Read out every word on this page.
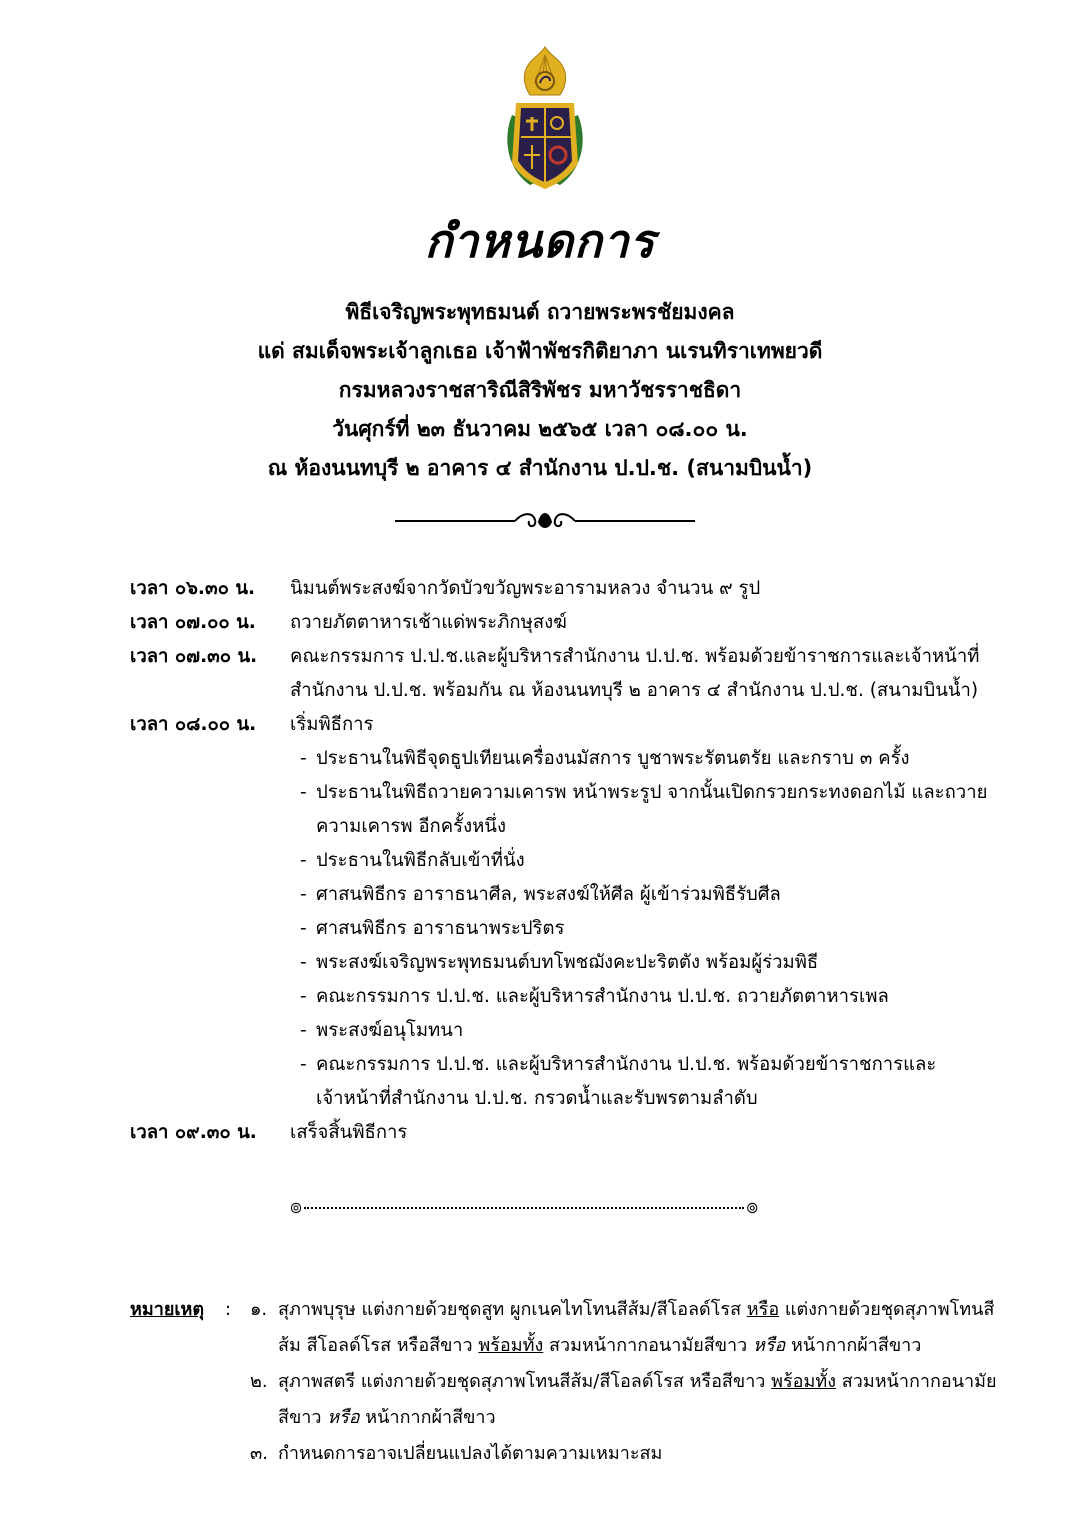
กำหนดการ
พิธีเจริญพระพุทธมนต์ ถวายพระพรชัยมงคล
แด่ สมเด็จพระเจ้าลูกเธอ เจ้าฟ้าพัชรกิติยาภา นเรนทิราเทพยวดี
กรมหลวงราชสาริณีสิริพัชร มหาวัชรราชธิดา
วันศุกร์ที่ ๒๓ ธันวาคม ๒๕๖๕ เวลา ๐๘.๐๐ น.
ณ ห้องนนทบุรี ๒ อาคาร ๔ สำนักงาน ป.ป.ช. (สนามบินน้ำ)
เวลา ๐๖.๓๐ น.	นิมนต์พระสงฆ์จากวัดบัวขวัญพระอารามหลวง จำนวน ๙ รูป
เวลา ๐๗.๐๐ น.	ถวายภัตตาหารเช้าแด่พระภิกษุสงฆ์
เวลา ๐๗.๓๐ น.	คณะกรรมการ ป.ป.ช.และผู้บริหารสำนักงาน ป.ป.ช. พร้อมด้วยข้าราชการและเจ้าหน้าที่
สำนักงาน ป.ป.ช. พร้อมกัน ณ ห้องนนทบุรี ๒ อาคาร ๔ สำนักงาน ป.ป.ช. (สนามบินน้ำ)
เวลา ๐๘.๐๐ น.	เริ่มพิธีการ
- ประธานในพิธีจุดธูปเทียนเครื่องนมัสการ บูชาพระรัตนตรัย และกราบ ๓ ครั้ง
- ประธานในพิธีถวายความเคารพ หน้าพระรูป จากนั้นเปิดกรวยกระทงดอกไม้ และถวาย
ความเคารพ อีกครั้งหนึ่ง
- ประธานในพิธีกลับเข้าที่นั่ง
- ศาสนพิธีกร อาราธนาศีล, พระสงฆ์ให้ศีล ผู้เข้าร่วมพิธีรับศีล
- ศาสนพิธีกร อาราธนาพระปริตร
- พระสงฆ์เจริญพระพุทธมนต์บทโพชฌังคะปะริตตัง พร้อมผู้ร่วมพิธี
- คณะกรรมการ ป.ป.ช. และผู้บริหารสำนักงาน ป.ป.ช. ถวายภัตตาหารเพล
- พระสงฆ์อนุโมทนา
- คณะกรรมการ ป.ป.ช. และผู้บริหารสำนักงาน ป.ป.ช. พร้อมด้วยข้าราชการและ
เจ้าหน้าที่สำนักงาน ป.ป.ช. กรวดน้ำและรับพรตามลำดับ
เวลา ๐๙.๓๐ น.	เสร็จสิ้นพิธีการ
๏	๏
หมายเหตุ	:	๑. สุภาพบุรุษ แต่งกายด้วยชุดสูท ผูกเนคไทโทนสีส้ม/สีโอลด์โรส หรือ แต่งกายด้วยชุดสุภาพโทนสีส้ม สีโอลด์โรส หรือสีขาว พร้อมทั้ง สวมหน้ากากอนามัยสีขาว หรือ หน้ากากผ้าสีขาว
๒. สุภาพสตรี แต่งกายด้วยชุดสุภาพโทนสีส้ม/สีโอลด์โรส หรือสีขาว พร้อมทั้ง สวมหน้ากากอนามัยสีขาว หรือ หน้ากากผ้าสีขาว
๓. กำหนดการอาจเปลี่ยนแปลงได้ตามความเหมาะสม
